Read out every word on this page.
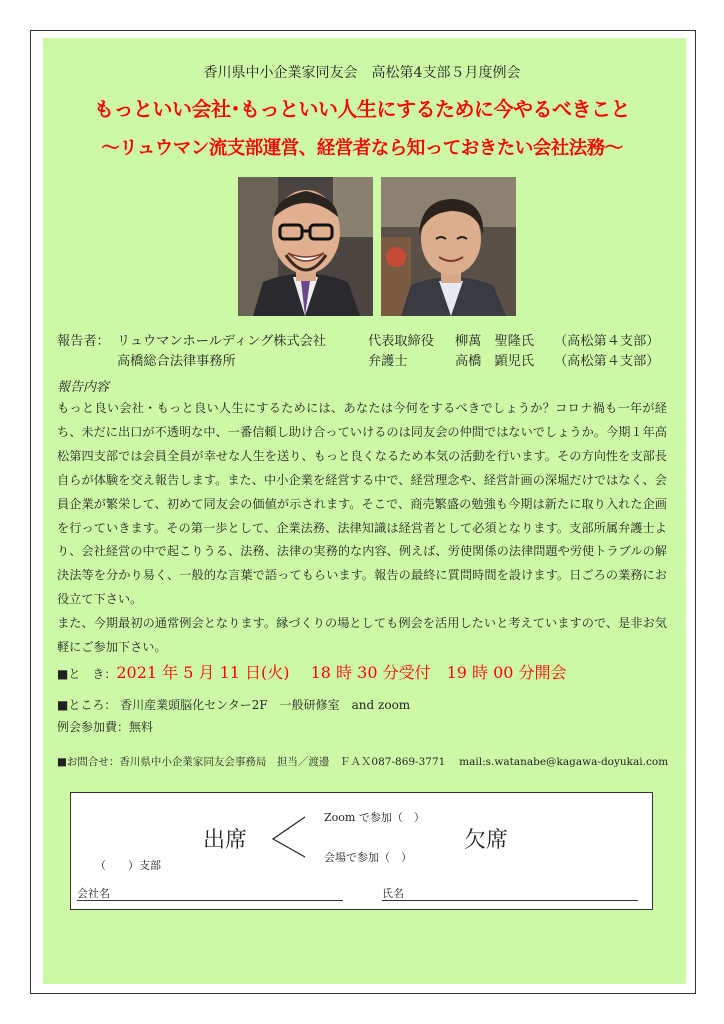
香川県中小企業家同友会　高松第4支部５月度例会
もっといい会社･もっといい人生にするために今やるべきこと
～リュウマン流支部運営、経営者なら知っておきたい会社法務～
報告者： リュウマンホールディング株式会社	代表取締役 柳萬　聖隆氏 （高松第４支部）
高橋総合法律事務所	弁護士	高橋　顕児氏 （高松第４支部）
報告内容

もっと良い会社・もっと良い人生にするためには、あなたは今何をするべきでしょうか？コロナ禍も一年が経ち、未だに出口が不透明な中、一番信頼し助け合っていけるのは同友会の仲間ではないでしょうか。今期１年高松第四支部では会員全員が幸せな人生を送り、もっと良くなるため本気の活動を行います。その方向性を支部長自らが体験を交え報告します。また、中小企業を経営する中で、経営理念や、経営計画の深堀だけではなく、会員企業が繁栄して、初めて同友会の価値が示されます。そこで、商売繁盛の勉強も今期は新たに取り入れた企画を行っていきます。その第一歩として、企業法務、法律知識は経営者として必須となります。支部所属弁護士より、会社経営の中で起こりうる、法務、法律の実務的な内容、例えば、労使関係の法律問題や労使トラブルの解決法等を分かり易く、一般的な言葉で語ってもらいます。報告の最終に質問時間を設けます。日ごろの業務にお役立て下さい。

また、今期最初の通常例会となります。縁づくりの場としても例会を活用したいと考えていますので、是非お気軽にご参加下さい。

■と　き：2021 年 5 月 11 日(火)　 18 時 30 分受付　19 時 00 分開会
■ところ： 香川産業頭脳化センター2F　一般研修室　and zoom
例会参加費：無料
■お問合せ：香川県中小企業家同友会事務局　担当／渡邊　ＦＡＸ087-869-3771　 mail:s.watanabe@kagawa-doyukai.com
出席
Zoom で参加（　）
会場で参加（　）
欠席
（　　）支部
会社名	氏名
